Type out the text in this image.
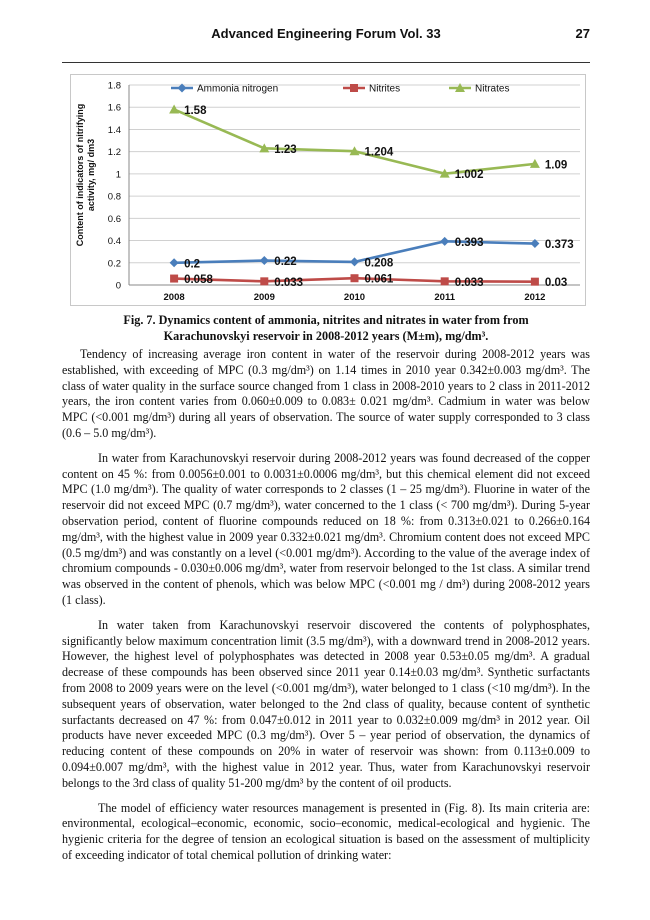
Advanced Engineering Forum Vol. 33	27
0
0.2
0.4
0.6
0.8
1
1.2
1.4
1.6
1.8
2008	2009	2010	2011	2012
Content of indicators of nitrifying activity, mg/ dm3
0.2	0.22	0.208
0.393	0.373
0.058	0.033	0.061	0.033	0.03
1.58
1.23	1.204
1.002
1.09
Ammonia nitrogen	Nitrites	Nitrates
Fig. 7. Dynamics content of ammonia, nitrites and nitrates in water from from
Karachunovskyi reservoir in 2008-2012 years (M±m), mg/dm³.

Tendency of increasing average iron content in water of the reservoir during 2008-2012 years was established, with exceeding of MPC (0.3 mg/dm³) on 1.14 times in 2010 year 0.342±0.003 mg/dm³. The class of water quality in the surface source changed from 1 class in 2008-2010 years to 2 class in 2011-2012 years, the iron content varies from 0.060±0.009 to 0.083± 0.021 mg/dm³. Cadmium in water was below MPC (<0.001 mg/dm³) during all years of observation. The source of water supply corresponded to 3 class (0.6 – 5.0 mg/dm³).

In water from Karachunovskyi reservoir during 2008-2012 years was found decreased of the copper content on 45 %: from 0.0056±0.001 to 0.0031±0.0006 mg/dm³, but this chemical element did not exceed MPC (1.0 mg/dm³). The quality of water corresponds to 2 classes (1 – 25 mg/dm³). Fluorine in water of the reservoir did not exceed MPC (0.7 mg/dm³), water concerned to the 1 class (< 700 mg/dm³). During 5-year observation period, content of fluorine compounds reduced on 18 %: from 0.313±0.021 to 0.266±0.164 mg/dm³, with the highest value in 2009 year 0.332±0.021 mg/dm³. Chromium content does not exceed MPC (0.5 mg/dm³) and was constantly on a level (<0.001 mg/dm³). According to the value of the average index of chromium compounds - 0.030±0.006 mg/dm³, water from reservoir belonged to the 1st class. A similar trend was observed in the content of phenols, which was below MPC (<0.001 mg / dm³) during 2008-2012 years (1 class).

In water taken from Karachunovskyi reservoir discovered the contents of polyphosphates, significantly below maximum concentration limit (3.5 mg/dm³), with a downward trend in 2008-2012 years. However, the highest level of polyphosphates was detected in 2008 year 0.53±0.05 mg/dm³. A gradual decrease of these compounds has been observed since 2011 year 0.14±0.03 mg/dm³. Synthetic surfactants from 2008 to 2009 years were on the level (<0.001 mg/dm³), water belonged to 1 class (<10 mg/dm³). In the subsequent years of observation, water belonged to the 2nd class of quality, because content of synthetic surfactants decreased on 47 %: from 0.047±0.012 in 2011 year to 0.032±0.009 mg/dm³ in 2012 year. Oil products have never exceeded MPC (0.3 mg/dm³). Over 5 – year period of observation, the dynamics of reducing content of these compounds on 20% in water of reservoir was shown: from 0.113±0.009 to 0.094±0.007 mg/dm³, with the highest value in 2012 year. Thus, water from Karachunovskyi reservoir belongs to the 3rd class of quality 51-200 mg/dm³ by the content of oil products.

The model of efficiency water resources management is presented in (Fig. 8). Its main criteria are: environmental, ecological–economic, economic, socio–economic, medical-ecological and hygienic. The hygienic criteria for the degree of tension an ecological situation is based on the assessment of multiplicity of exceeding indicator of total chemical pollution of drinking water:
